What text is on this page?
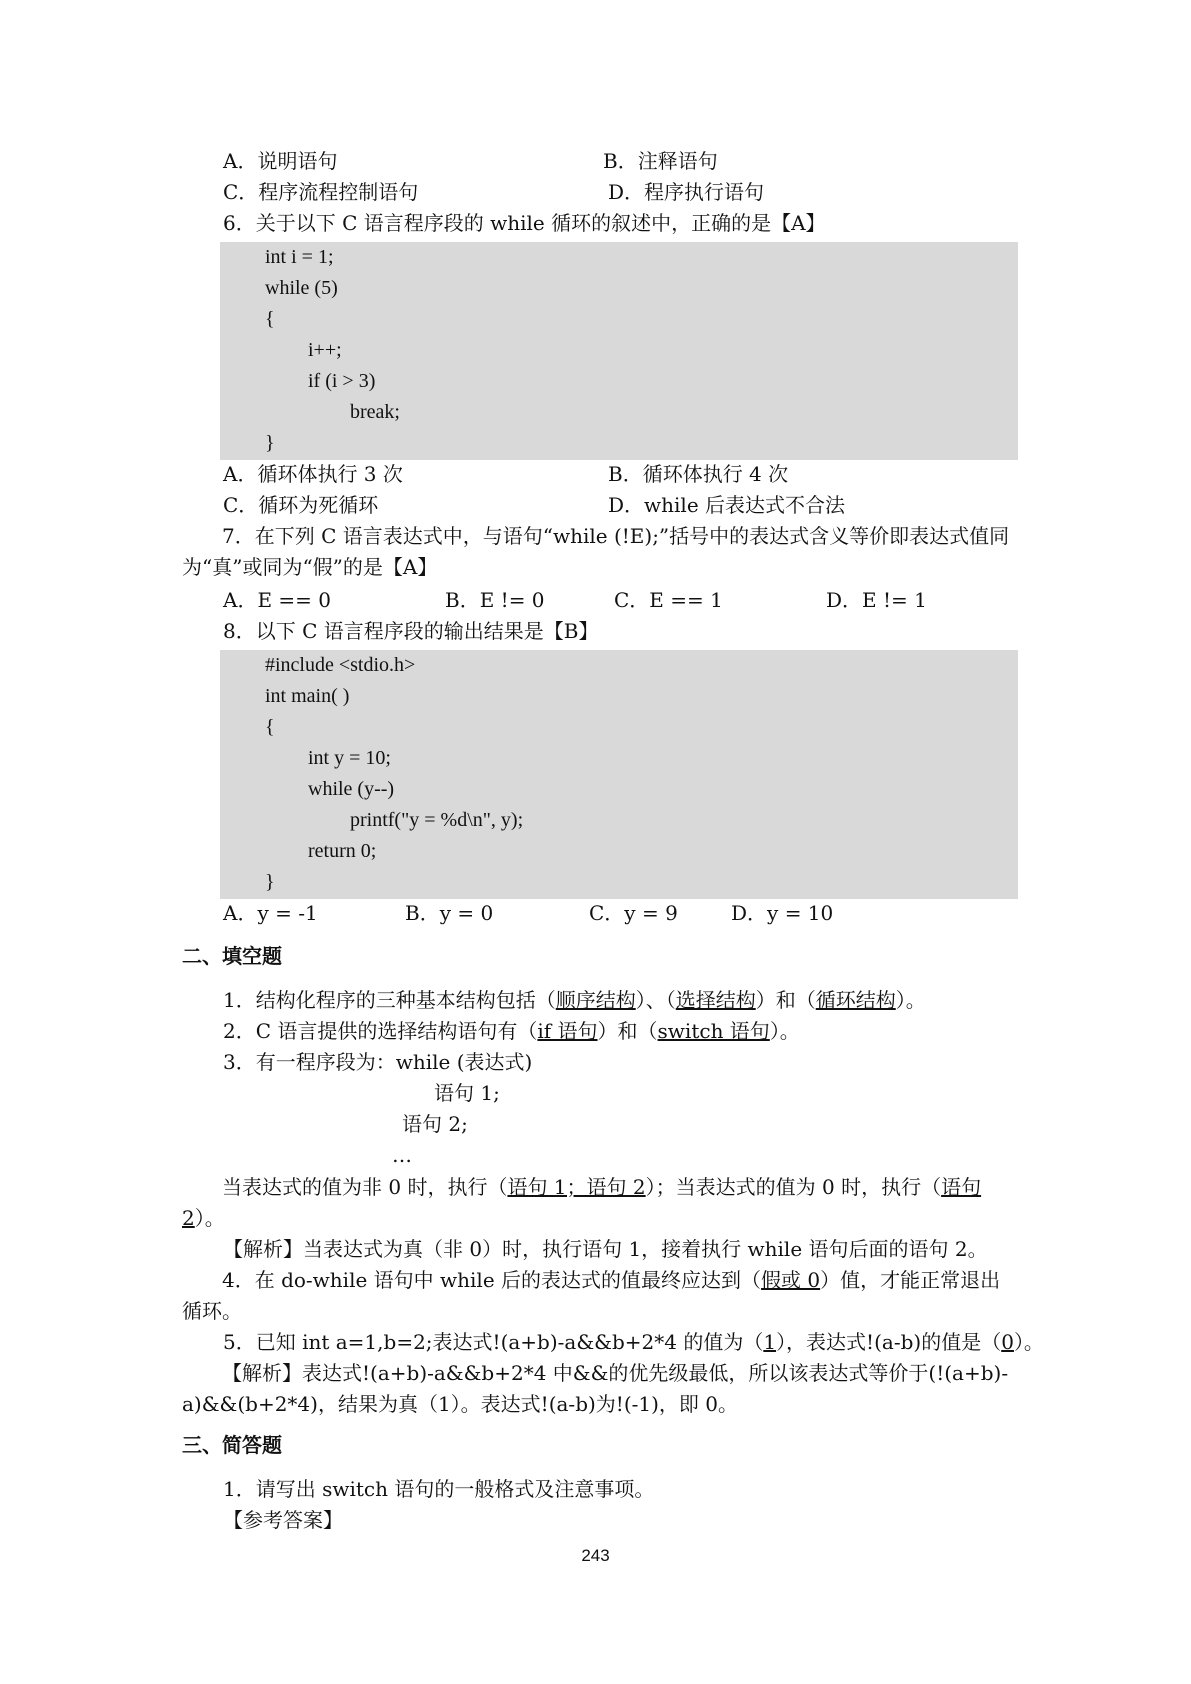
A．说明语句	B．注释语句
C．程序流程控制语句	D．程序执行语句
6．关于以下 C 语言程序段的 while 循环的叙述中，正确的是【A】
int i = 1;
while (5)
{
i++;
if (i > 3)
break;
}
A．循环体执行 3 次	B．循环体执行 4 次
C．循环为死循环	D．while 后表达式不合法
7．在下列 C 语言表达式中，与语句“while (!E);”括号中的表达式含义等价即表达式值同为“真”或同为“假”的是【A】
A．E == 0	B．E != 0	C．E == 1	D．E != 1
8．以下 C 语言程序段的输出结果是【B】
#include <stdio.h>
int main( )
{
int y = 10;
while (y--)
printf("y = %d\n", y);
return 0;
}
A．y = -1	B．y = 0	C．y = 9	D．y = 10
二、填空题
1．结构化程序的三种基本结构包括（顺序结构）、（选择结构）和（循环结构）。
2．C 语言提供的选择结构语句有（if 语句）和（switch 语句）。
3．有一程序段为：while (表达式)
语句 1;
语句 2;
…
当表达式的值为非 0 时，执行（语句 1；语句 2）；当表达式的值为 0 时，执行（语句 2）。
【解析】当表达式为真（非 0）时，执行语句 1，接着执行 while 语句后面的语句 2。
4．在 do-while 语句中 while 后的表达式的值最终应达到（假或 0）值，才能正常退出循环。
5．已知 int a=1,b=2;表达式!(a+b)-a&&b+2*4 的值为（1），表达式!(a-b)的值是（0）。
【解析】表达式!(a+b)-a&&b+2*4 中&&的优先级最低，所以该表达式等价于(!(a+b)-a)&&(b+2*4)，结果为真（1）。表达式!(a-b)为!(-1)，即 0。
三、简答题
1．请写出 switch 语句的一般格式及注意事项。
【参考答案】
243
